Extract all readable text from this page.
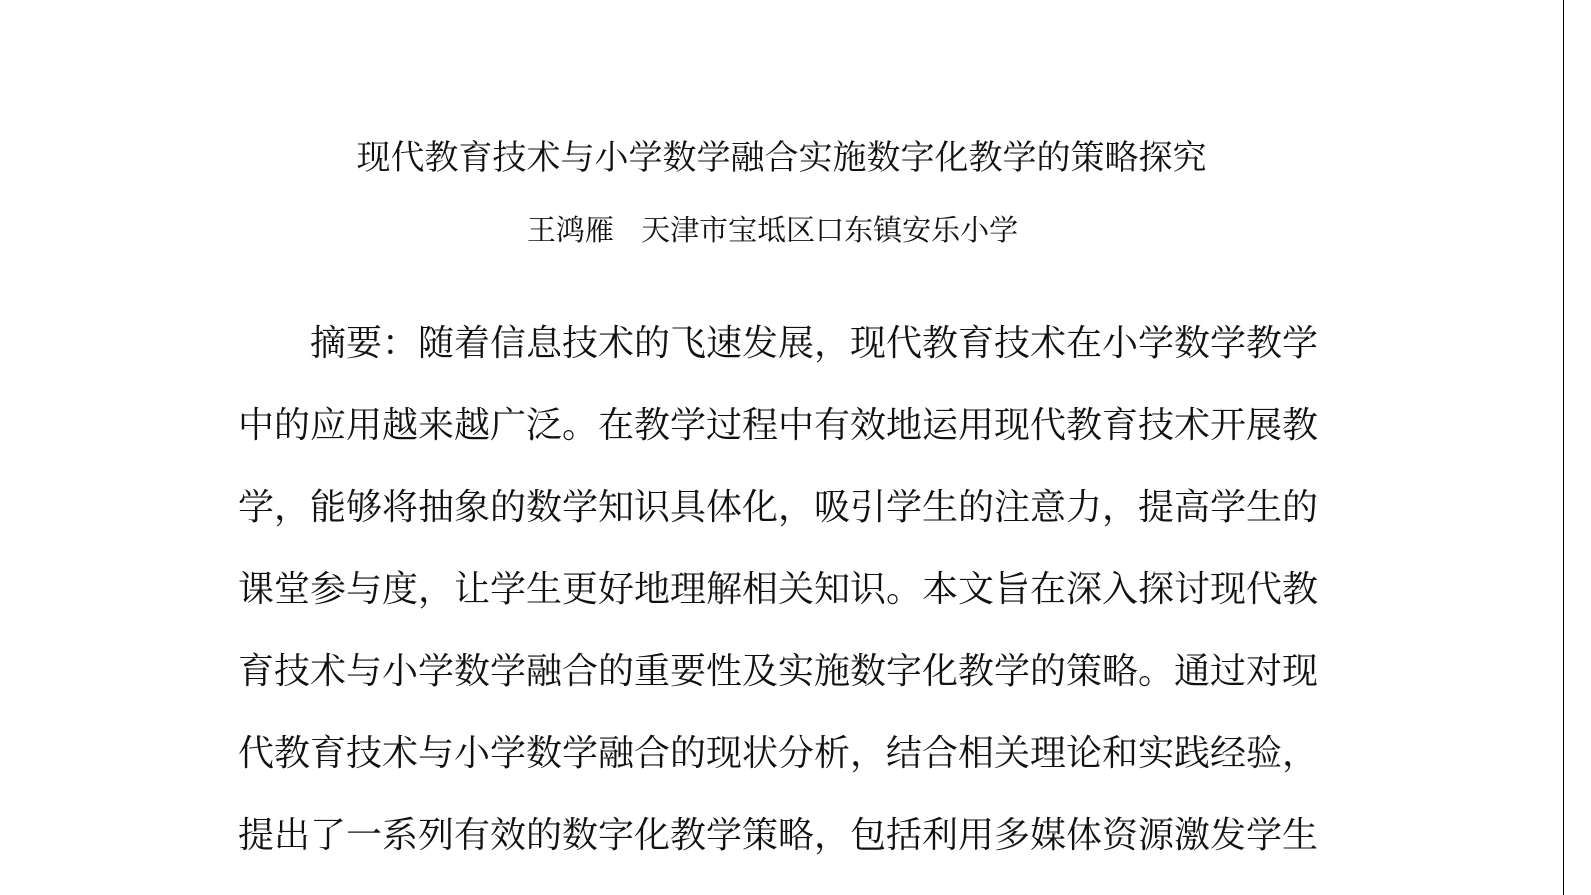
现代教育技术与小学数学融合实施数字化教学的策略探究
王鸿雁 天津市宝坻区口东镇安乐小学
摘要：随着信息技术的飞速发展，现代教育技术在小学数学教学
中的应用越来越广泛。在教学过程中有效地运用现代教育技术开展教
学，能够将抽象的数学知识具体化，吸引学生的注意力，提高学生的
课堂参与度，让学生更好地理解相关知识。本文旨在深入探讨现代教
育技术与小学数学融合的重要性及实施数字化教学的策略。通过对现
代教育技术与小学数学融合的现状分析，结合相关理论和实践经验，
提出了一系列有效的数字化教学策略，包括利用多媒体资源激发学生
